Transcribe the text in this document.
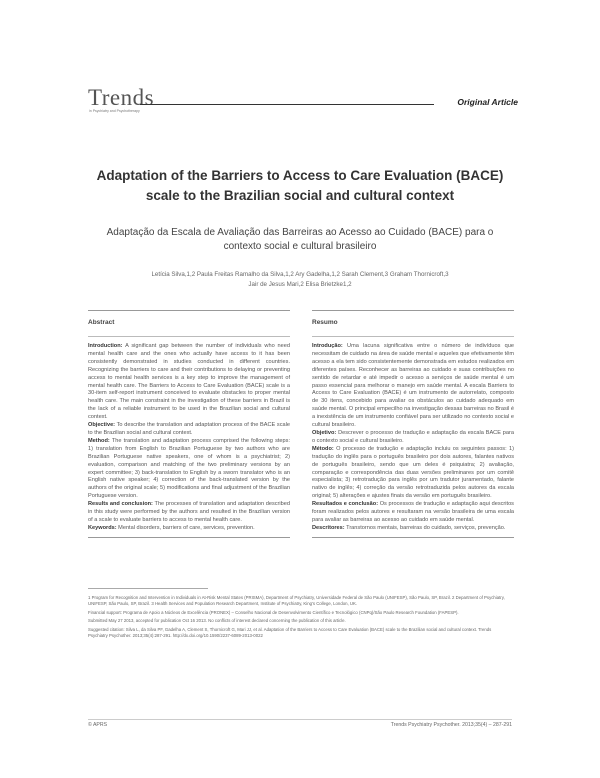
Trends
in Psychiatry and Psychotherapy
Original Article
Adaptation of the Barriers to Access to Care Evaluation (BACE) scale to the Brazilian social and cultural context
Adaptação da Escala de Avaliação das Barreiras ao Acesso ao Cuidado (BACE) para o contexto social e cultural brasileiro
Letícia Silva,1,2 Paula Freitas Ramalho da Silva,1,2 Ary Gadelha,1,2 Sarah Clement,3 Graham Thornicroft,3
Jair de Jesus Mari,2 Elisa Brietzke1,2
Abstract

Introduction: A significant gap between the number of individuals who need mental health care and the ones who actually have access to it has been consistently demonstrated in studies conducted in different countries. Recognizing the barriers to care and their contributions to delaying or preventing access to mental health services is a key step to improve the management of mental health care. The Barriers to Access to Care Evaluation (BACE) scale is a 30-item self-report instrument conceived to evaluate obstacles to proper mental health care. The main constraint in the investigation of these barriers in Brazil is the lack of a reliable instrument to be used in the Brazilian social and cultural context.

Objective: To describe the translation and adaptation process of the BACE scale to the Brazilian social and cultural context.

Method: The translation and adaptation process comprised the following steps: 1) translation from English to Brazilian Portuguese by two authors who are Brazilian Portuguese native speakers, one of whom is a psychiatrist; 2) evaluation, comparison and matching of the two preliminary versions by an expert committee; 3) back-translation to English by a sworn translator who is an English native speaker; 4) correction of the back-translated version by the authors of the original scale; 5) modifications and final adjustment of the Brazilian Portuguese version.

Results and conclusion: The processes of translation and adaptation described in this study were performed by the authors and resulted in the Brazilian version of a scale to evaluate barriers to access to mental health care.

Keywords: Mental disorders, barriers of care, services, prevention.

Resumo

Introdução: Uma lacuna significativa entre o número de indivíduos que necessitam de cuidado na área de saúde mental e aqueles que efetivamente têm acesso a ela tem sido consistentemente demonstrada em estudos realizados em diferentes países. Reconhecer as barreiras ao cuidado e suas contribuições no sentido de retardar e até impedir o acesso a serviços de saúde mental é um passo essencial para melhorar o manejo em saúde mental. A escala Barriers to Access to Care Evaluation (BACE) é um instrumento de autorrelato, composto de 30 itens, concebido para avaliar os obstáculos ao cuidado adequado em saúde mental. O principal empecilho na investigação dessas barreiras no Brasil é a inexistência de um instrumento confiável para ser utilizado no contexto social e cultural brasileiro.

Objetivo: Descrever o processo de tradução e adaptação da escala BACE para o contexto social e cultural brasileiro.

Método: O processo de tradução e adaptação incluiu os seguintes passos: 1) tradução do inglês para o português brasileiro por dois autores, falantes nativos de português brasileiro, sendo que um deles é psiquiatra; 2) avaliação, comparação e correspondência das duas versões preliminares por um comitê especialista; 3) retrotradução para inglês por um tradutor juramentado, falante nativo de inglês; 4) correção da versão retrotraduzida pelos autores da escala original; 5) alterações e ajustes finais da versão em português brasileiro.

Resultados e conclusão: Os processos de tradução e adaptação aqui descritos foram realizados pelos autores e resultaram na versão brasileira de uma escala para avaliar as barreiras ao acesso ao cuidado em saúde mental.

Descritores: Transtornos mentais, barreiras do cuidado, serviços, prevenção.

1 Program for Recognition and Intervention in Individuals in At-Risk Mental States (PRISMA), Department of Psychiatry, Universidade Federal de São Paulo (UNIFESP), São Paulo, SP, Brazil. 2 Department of Psychiatry, UNIFESP, São Paulo, SP, Brazil. 3 Health Services and Population Research Department, Institute of Psychiatry, King's College, London, UK.

Financial support: Programa de Apoio a Núcleos de Excelência (PRONEX) – Conselho Nacional de Desenvolvimento Científico e Tecnológico (CNPq)/São Paulo Research Foundation (FAPESP).

Submitted May 27 2013, accepted for publication Oct 16 2013. No conflicts of interest declared concerning the publication of this article.

Suggested citation: Silva L, da Silva PF, Gadelha A, Clement S, Thornicroft G, Mari JJ, et al. Adaptation of the Barriers to Access to Care Evaluation (BACE) scale to the Brazilian social and cultural context. Trends Psychiatry Psychother. 2013;35(4):287-291. http://dx.doi.org/10.1590/2237-6089-2013-0022

© APRS	Trends Psychiatry Psychother. 2013;35(4) – 287-291
